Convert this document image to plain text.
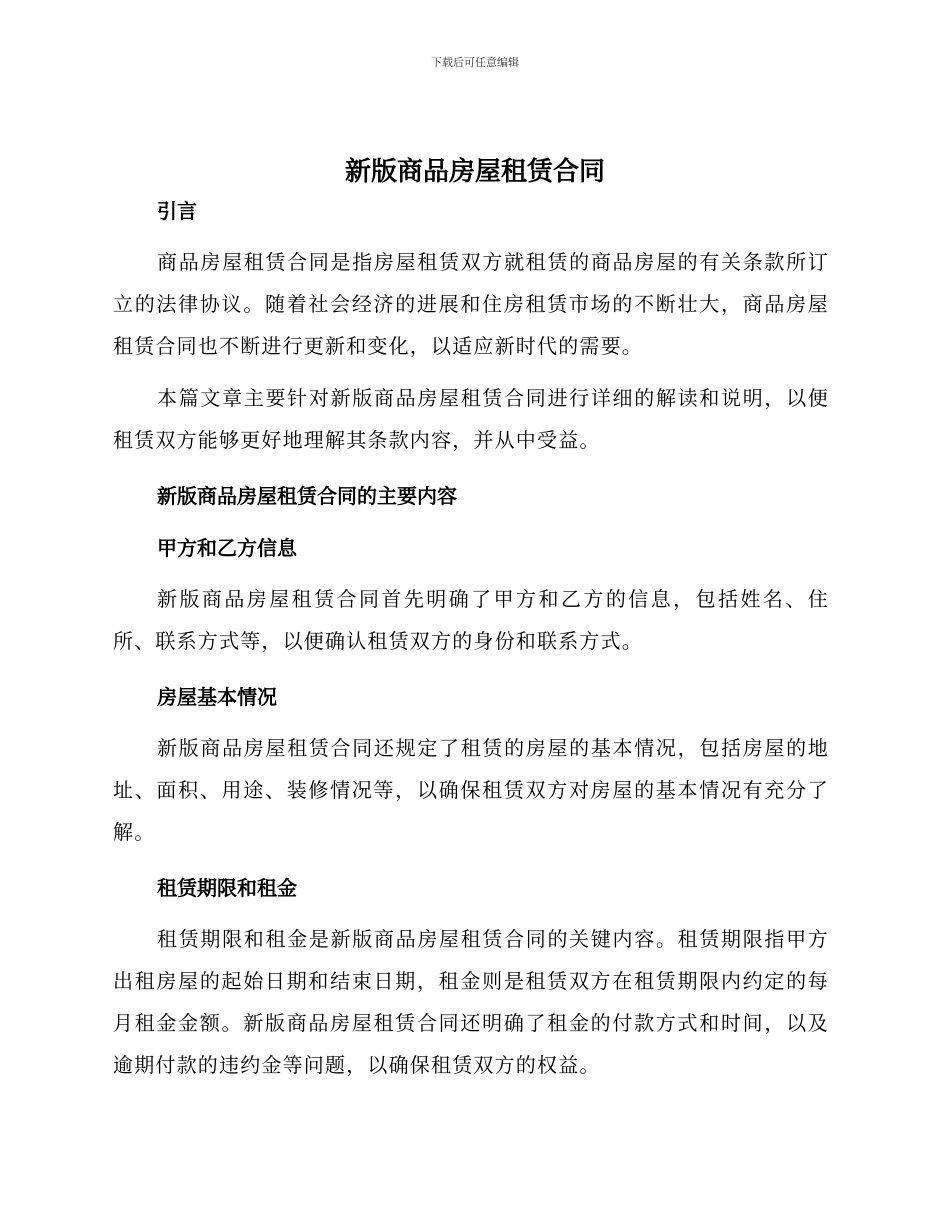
下载后可任意编辑
新版商品房屋租赁合同
引言

商品房屋租赁合同是指房屋租赁双方就租赁的商品房屋的有关条款所订立的法律协议。随着社会经济的进展和住房租赁市场的不断壮大，商品房屋租赁合同也不断进行更新和变化，以适应新时代的需要。

本篇文章主要针对新版商品房屋租赁合同进行详细的解读和说明，以便租赁双方能够更好地理解其条款内容，并从中受益。

新版商品房屋租赁合同的主要内容
甲方和乙方信息

新版商品房屋租赁合同首先明确了甲方和乙方的信息，包括姓名、住所、联系方式等，以便确认租赁双方的身份和联系方式。

房屋基本情况

新版商品房屋租赁合同还规定了租赁的房屋的基本情况，包括房屋的地址、面积、用途、装修情况等，以确保租赁双方对房屋的基本情况有充分了解。

租赁期限和租金

租赁期限和租金是新版商品房屋租赁合同的关键内容。租赁期限指甲方出租房屋的起始日期和结束日期，租金则是租赁双方在租赁期限内约定的每月租金金额。新版商品房屋租赁合同还明确了租金的付款方式和时间，以及逾期付款的违约金等问题，以确保租赁双方的权益。
